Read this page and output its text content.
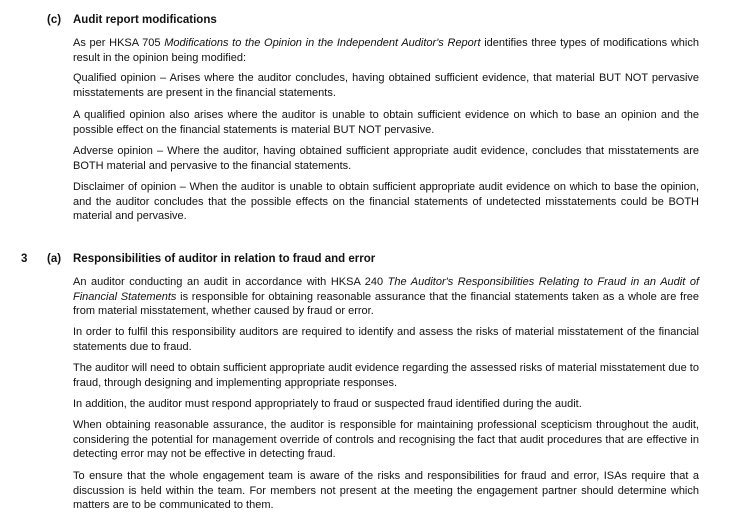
(c) Audit report modifications

As per HKSA 705 Modifications to the Opinion in the Independent Auditor's Report identifies three types of modifications which result in the opinion being modified:

Qualified opinion – Arises where the auditor concludes, having obtained sufficient evidence, that material BUT NOT pervasive misstatements are present in the financial statements.

A qualified opinion also arises where the auditor is unable to obtain sufficient evidence on which to base an opinion and the possible effect on the financial statements is material BUT NOT pervasive.

Adverse opinion – Where the auditor, having obtained sufficient appropriate audit evidence, concludes that misstatements are BOTH material and pervasive to the financial statements.

Disclaimer of opinion – When the auditor is unable to obtain sufficient appropriate audit evidence on which to base the opinion, and the auditor concludes that the possible effects on the financial statements of undetected misstatements could be BOTH material and pervasive.

3 (a) Responsibilities of auditor in relation to fraud and error

An auditor conducting an audit in accordance with HKSA 240 The Auditor's Responsibilities Relating to Fraud in an Audit of Financial Statements is responsible for obtaining reasonable assurance that the financial statements taken as a whole are free from material misstatement, whether caused by fraud or error.

In order to fulfil this responsibility auditors are required to identify and assess the risks of material misstatement of the financial statements due to fraud.

The auditor will need to obtain sufficient appropriate audit evidence regarding the assessed risks of material misstatement due to fraud, through designing and implementing appropriate responses.

In addition, the auditor must respond appropriately to fraud or suspected fraud identified during the audit.

When obtaining reasonable assurance, the auditor is responsible for maintaining professional scepticism throughout the audit, considering the potential for management override of controls and recognising the fact that audit procedures that are effective in detecting error may not be effective in detecting fraud.

To ensure that the whole engagement team is aware of the risks and responsibilities for fraud and error, ISAs require that a discussion is held within the team. For members not present at the meeting the engagement partner should determine which matters are to be communicated to them.
